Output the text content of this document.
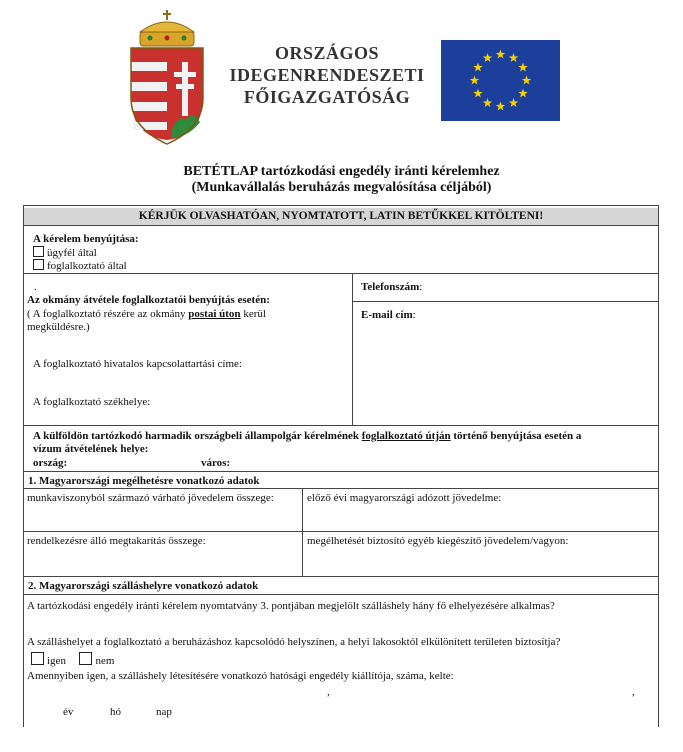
ORSZÁGOS
IDEGENRENDESZETI
FŐIGAZGATÓSÁG
BETÉTLAP tartózkodási engedély iránti kérelemhez
(Munkavállalás beruházás megvalósítása céljából)
KÉRJÜK OLVASHATÓAN, NYOMTATOTT, LATIN BETŰKKEL KITÖLTENI!
A kérelem benyújtása:
ügyfél által
foglalkoztató által
.
Az okmány átvétele foglalkoztatói benyújtás esetén:
( A foglalkoztató részére az okmány postai úton kerül
megküldésre.)
A foglalkoztató hivatalos kapcsolattartási címe:
A foglalkoztató székhelye:
Telefonszám:
E-mail cím:
A külföldön tartózkodó harmadik országbeli állampolgár kérelmének foglalkoztató útján történő benyújtása esetén a
vízum átvételének helye:
ország:	város:
1. Magyarországi megélhetésre vonatkozó adatok
munkaviszonyból származó várható jövedelem összege:	előző évi magyarországi adózott jövedelme:
rendelkezésre álló megtakarítás összege:	megélhetését biztosító egyéb kiegészítő jövedelem/vagyon:
2. Magyarországi szálláshelyre vonatkozó adatok
A tartózkodási engedély iránti kérelem nyomtatvány 3. pontjában megjelölt szálláshely hány fő elhelyezésére alkalmas?
A szálláshelyet a foglalkoztató a beruházáshoz kapcsolódó helyszínen, a helyi lakosoktól elkülönített területen biztosítja?
igen	nem
Amennyiben igen, a szálláshely létesítésére vonatkozó hatósági engedély kiállítója, száma, kelte:
,	,
év	hó	nap
